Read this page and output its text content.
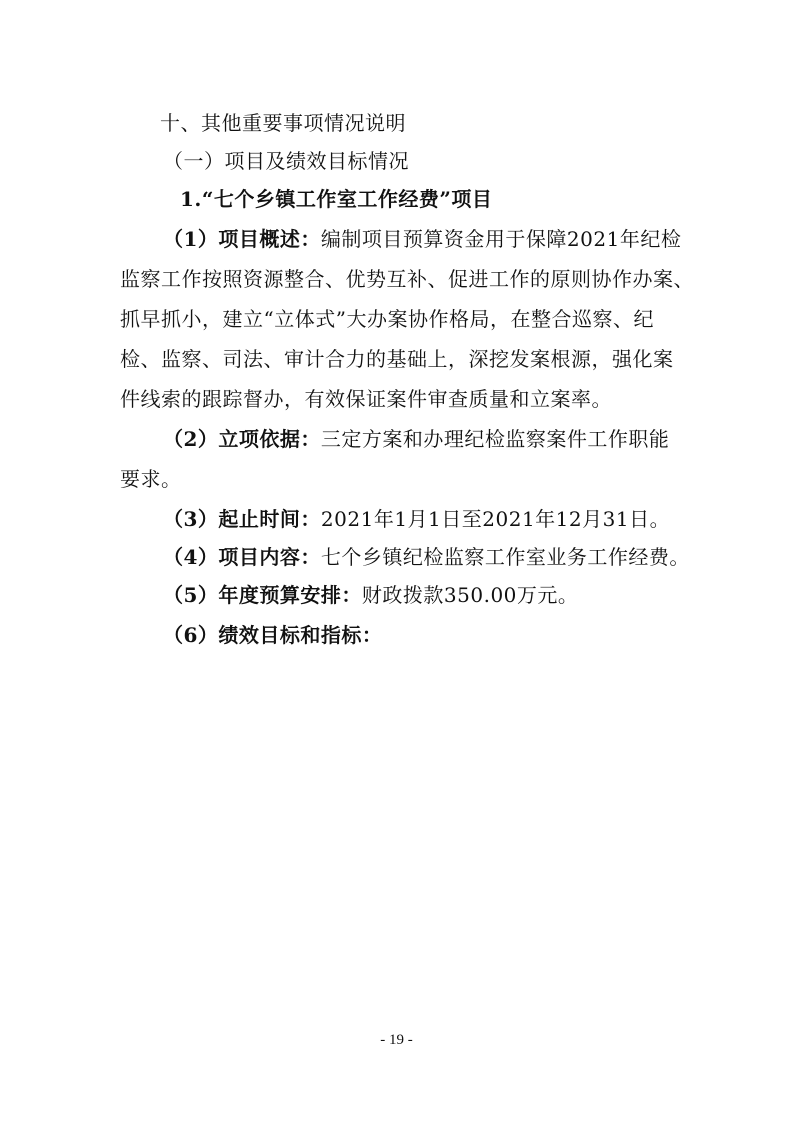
十、其他重要事项情况说明
（一）项目及绩效目标情况
1.“七个乡镇工作室工作经费”项目
（1）项目概述：编制项目预算资金用于保障2021年纪检
监察工作按照资源整合、优势互补、促进工作的原则协作办案、
抓早抓小，建立“立体式”大办案协作格局，在整合巡察、纪
检、监察、司法、审计合力的基础上，深挖发案根源，强化案
件线索的跟踪督办，有效保证案件审查质量和立案率。
（2）立项依据：三定方案和办理纪检监察案件工作职能
要求。
（3）起止时间：2021年1月1日至2021年12月31日。
（4）项目内容：七个乡镇纪检监察工作室业务工作经费。
（5）年度预算安排：财政拨款350.00万元。
（6）绩效目标和指标：
- 19 -
